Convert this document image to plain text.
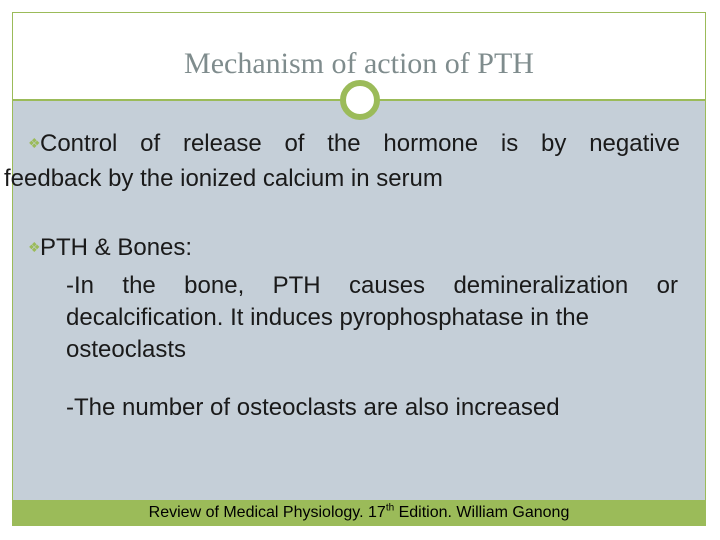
Mechanism of action of PTH
❖Control of release of the hormone is by negative
feedback by the ionized calcium in serum
❖PTH & Bones:
-In the bone, PTH causes demineralization or
decalcification. It induces pyrophosphatase in the
osteoclasts
-The number of osteoclasts are also increased
Review of Medical Physiology. 17th Edition. William Ganong
